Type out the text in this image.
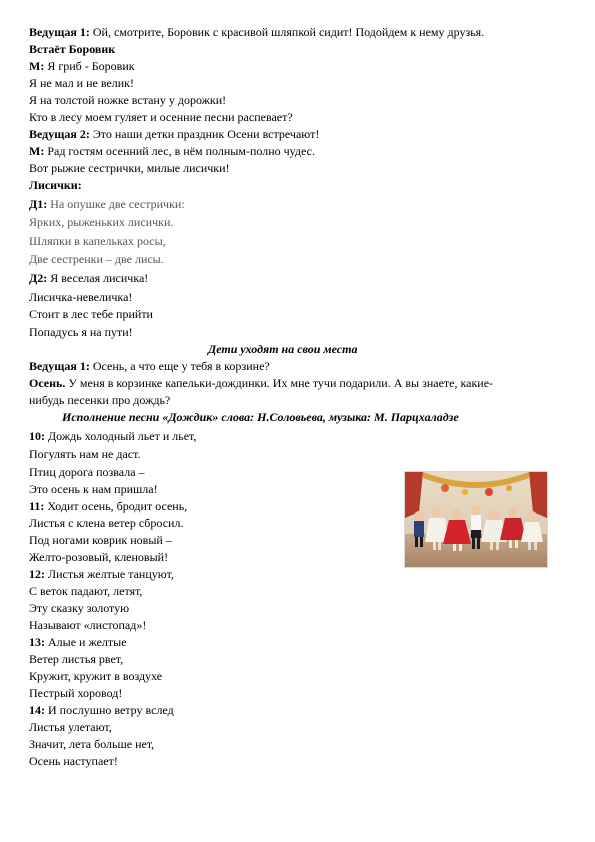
Ведущая 1: Ой, смотрите, Боровик с красивой шляпкой сидит! Подойдем к нему друзья.
Встаёт Боровик
М: Я гриб - Боровик
Я не мал и не велик!
Я на толстой ножке встану у дорожки!
Кто в лесу моем гуляет и осенние песни распевает?
Ведущая 2: Это наши детки праздник Осени встречают!
М: Рад гостям осенний лес, в нём полным-полно чудес.
Вот рыжие сестрички, милые лисички!
Лисички:
Д1: На опушке две сестрички:
Ярких, рыженьких лисички.
Шляпки в капельках росы,
Две сестренки – две лисы.
Д2: Я веселая лисичка!
Лисичка-невеличка!
Стоит в лес тебе прийти
Попадусь я на пути!
Дети уходят на свои места
Ведущая 1: Осень, а что еще у тебя в корзине?
Осень. У меня в корзинке капельки-дождинки. Их мне тучи подарили. А вы знаете, какие-
нибудь песенки про дождь?
Исполнение песни «Дождик» слова: Н.Соловьева, музыка: М. Парцхаладзе
10: Дождь холодный льет и льет,
Погулять нам не даст.
Птиц дорога позвала –
Это осень к нам пришла!
11: Ходит осень, бродит осень,
Листья с клена ветер сбросил.
Под ногами коврик новый –
Желто-розовый, кленовый!
12: Листья желтые танцуют,
С веток падают, летят,
Эту сказку золотую
Называют «листопад»!
13: Алые и желтые
Ветер листья рвет,
Кружит, кружит в воздухе
Пестрый хоровод!
14: И послушно ветру вслед
Листья улетают,
Значит, лета больше нет,
Осень наступает!
